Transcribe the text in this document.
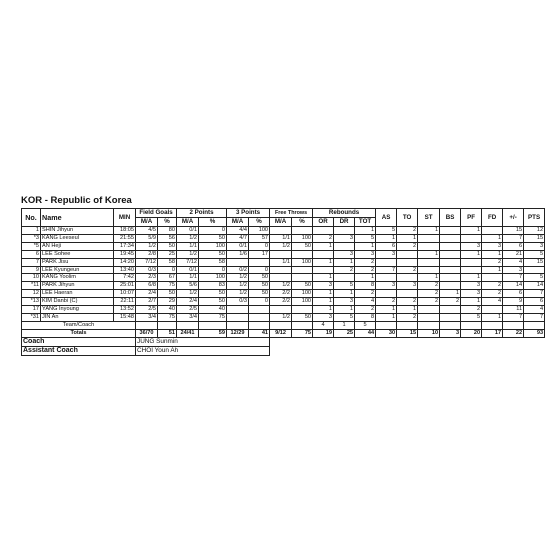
KOR - Republic of Korea
No.	Name	MIN	Field Goals		2 Points		3 Points		Free Throws		Rebounds			AS	TO	ST	BS	PF	FD	+/-	PTS
			M/A	%	M/A	%	M/A	%	M/A	%	OR	DR	TOT								
1	SHIN Jihyun	18:05	4/5	80	0/1	0	4/4	100					1	5	2	1		1		15	12
*3	KANG Leeseul	21:55	5/9	56	1/2	50	4/7	57	1/1	100	2	3	5	1	1				1	7	15
*5	AN Heji	17:34	1/2	50	1/1	100	0/1	0	1/2	50	1		1	6	2			3	3	6	3
6	LEE Sohee	19:45	2/8	25	1/2	50	1/6	17				3	3	3		1		1	1	21	5
7	PARK Jisu	14:20	7/12	58	7/12	58			1/1	100	1	1	2						2	4	15
9	LEE Kyungeun	13:40	0/3	0	0/1	0	0/2	0				2	2	7	2				1	3	
10	KANG Yoolim	7:42	2/3	67	1/1	100	1/2	50			1		1			1		1		7	5
*11	PARK Jihyun	25:01	6/8	75	5/6	83	1/2	50	1/2	50	3	5	8	3	3	2		3	2	14	14
12	LEE Haeran	10:07	2/4	50	1/2	50	1/2	50	2/2	100	1	1	2			2	1	3	2	6	7
*13	KIM Danbi (C)	22:11	2/7	29	2/4	50	0/3	0	2/2	100	1	3	4	2	2	2	2	1	4	9	6
17	YANG Inyoung	13:52	2/5	40	2/5	40					1	1	2	1	1			2		11	4
*31	JIN An	15:48	3/4	75	3/4	75			1/2	50	3	5	8	1	2			5	1	7	7
Team/Coach											4	1	5								
Totals			36/70	51	24/41	59	12/29	41	9/12	75	19	25	44	30	15	10	3	20	17	22	93
Coach			JUNG Sunmin																		
Assistant Coach			CHOI Youn Ah																		
